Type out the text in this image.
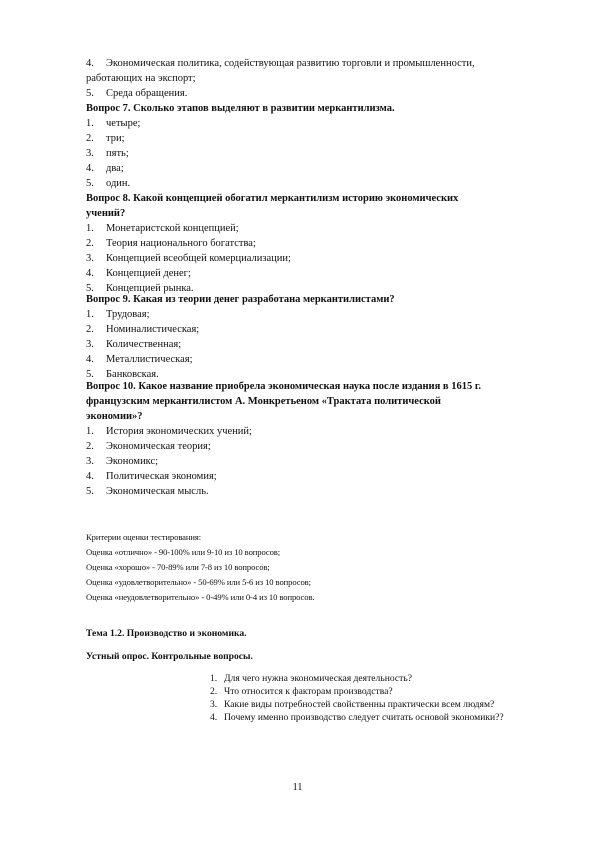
4. Экономическая политика, содействующая развитию торговли и промышленности,
работающих на экспорт;
5. Среда обращения.
Вопрос 7. Сколько этапов выделяют в развитии меркантилизма.
1. четыре;
2. три;
3. пять;
4. два;
5. один.
Вопрос 8. Какой концепцией обогатил меркантилизм историю экономических
учений?
1. Монетаристской концепцией;
2. Теория национального богатства;
3. Концепцией всеобщей комерциализации;
4. Концепцией денег;
5. Концепцией рынка.
Вопрос 9. Какая из теории денег разработана меркантилистами?
1. Трудовая;
2. Номиналистическая;
3. Количественная;
4. Металлистическая;
5. Банковская.
Вопрос 10. Какое название приобрела экономическая наука после издания в 1615 г.
французским меркантилистом А. Монкретьеном «Трактата политической
экономии»?
1. История экономических учений;
2. Экономическая теория;
3. Экономикс;
4. Политическая экономия;
5. Экономическая мысль.
Критерии оценки тестирования:
Оценка «отлично» - 90-100% или 9-10 из 10 вопросов;
Оценка «хорошо» - 70-89% или 7-8 из 10 вопросов;
Оценка «удовлетворительно» - 50-69% или 5-6 из 10 вопросов;
Оценка «неудовлетворительно» - 0-49% или 0-4 из 10 вопросов.
Тема 1.2. Производство и экономика.
Устный опрос. Контрольные вопросы.
1. Для чего нужна экономическая деятельность?
2. Что относится к факторам производства?
3. Какие виды потребностей свойственны практически всем людям?
4. Почему именно производство следует считать основой экономики??
11
